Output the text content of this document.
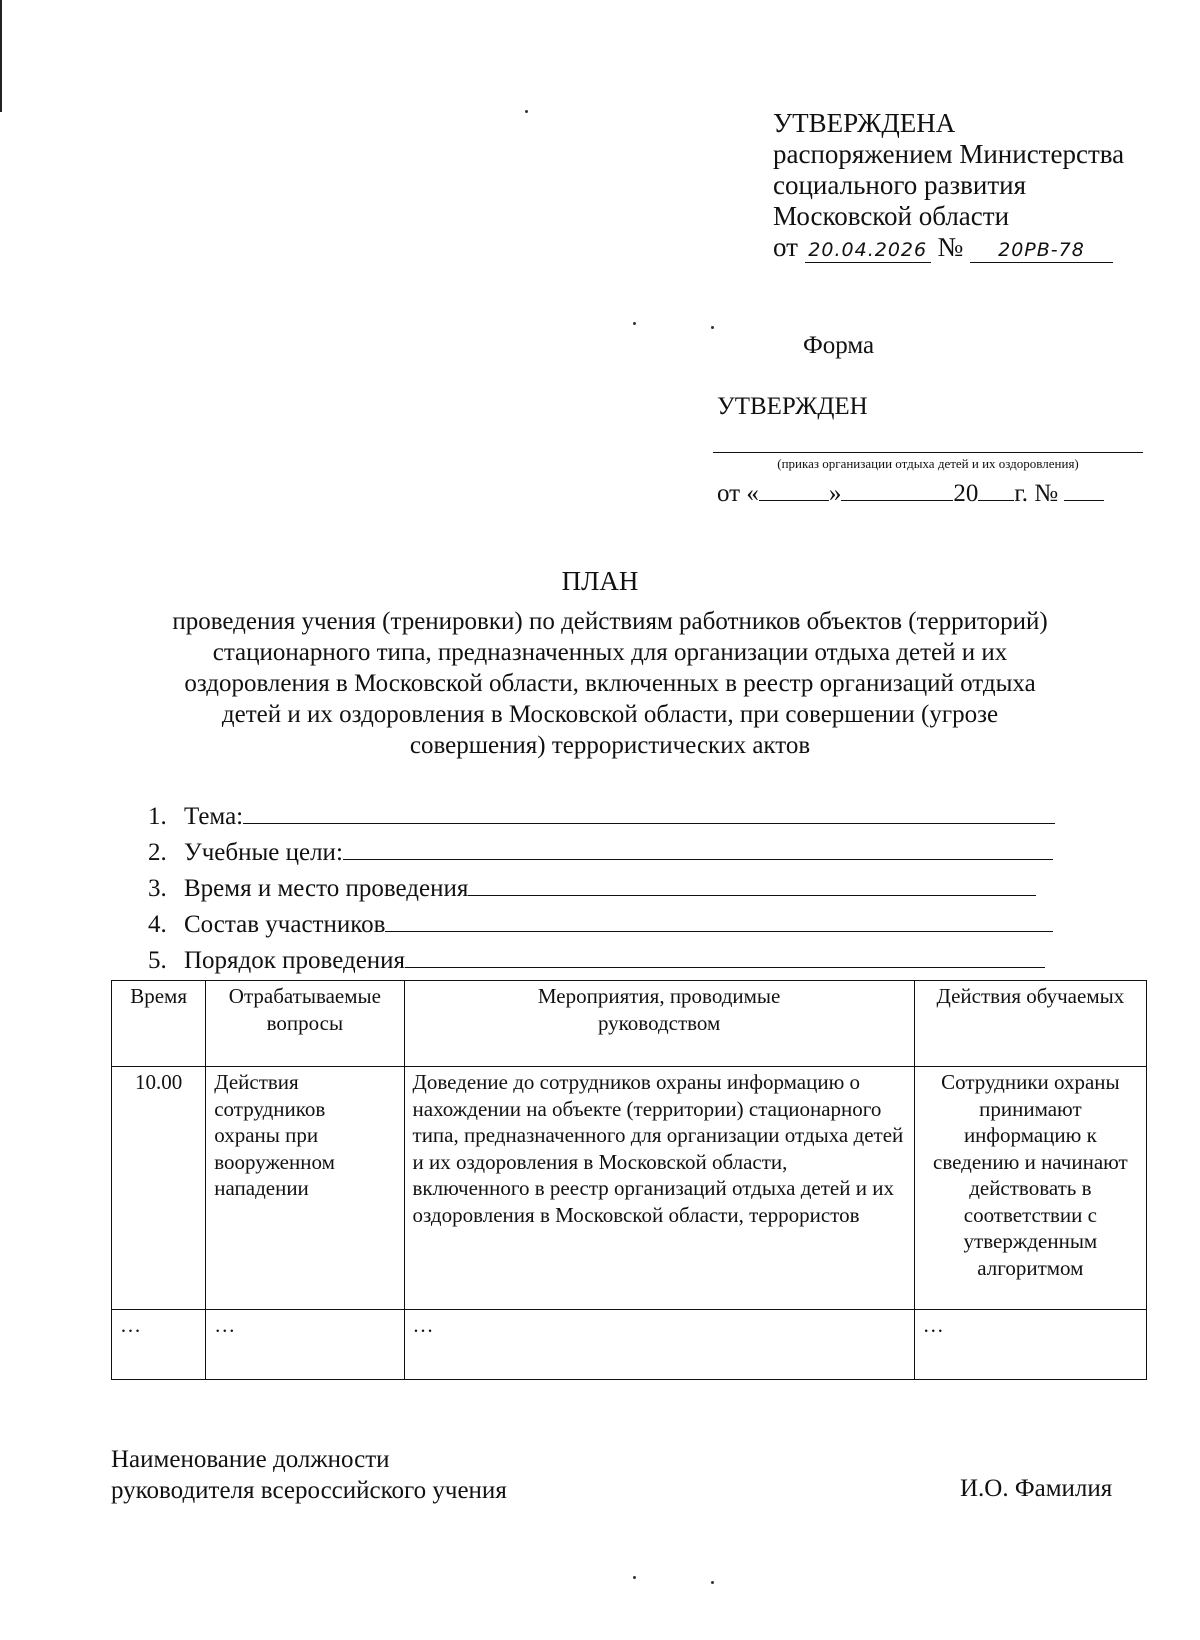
УТВЕРЖДЕНА
распоряжением Министерства
социального развития
Московской области
от 20.04.2026 № 20РВ-78
Форма
УТВЕРЖДЕН
(приказ организации отдыха детей и их оздоровления)
от «	»	20 г. №
ПЛАН
проведения учения (тренировки) по действиям работников объектов (территорий)
стационарного типа, предназначенных для организации отдыха детей и их
оздоровления в Московской области, включенных в реестр организаций отдыха
детей и их оздоровления в Московской области, при совершении (угрозе
совершения) террористических актов
1. Тема:
2. Учебные цели:
3. Время и место проведения
4. Состав участников
5. Порядок проведения
Время	Отрабатываемые вопросы	Мероприятия, проводимые руководством	Действия обучаемых
10.00	Действия сотрудников охраны при вооруженном нападении	Доведение до сотрудников охраны информацию о нахождении на объекте (территории) стационарного типа, предназначенного для организации отдыха детей и их оздоровления в Московской области, включенного в реестр организаций отдыха детей и их оздоровления в Московской области, террористов	Сотрудники охраны принимают информацию к сведению и начинают действовать в соответствии с утвержденным алгоритмом
…	…	…	…
Наименование должности
руководителя всероссийского учения	И.О. Фамилия
